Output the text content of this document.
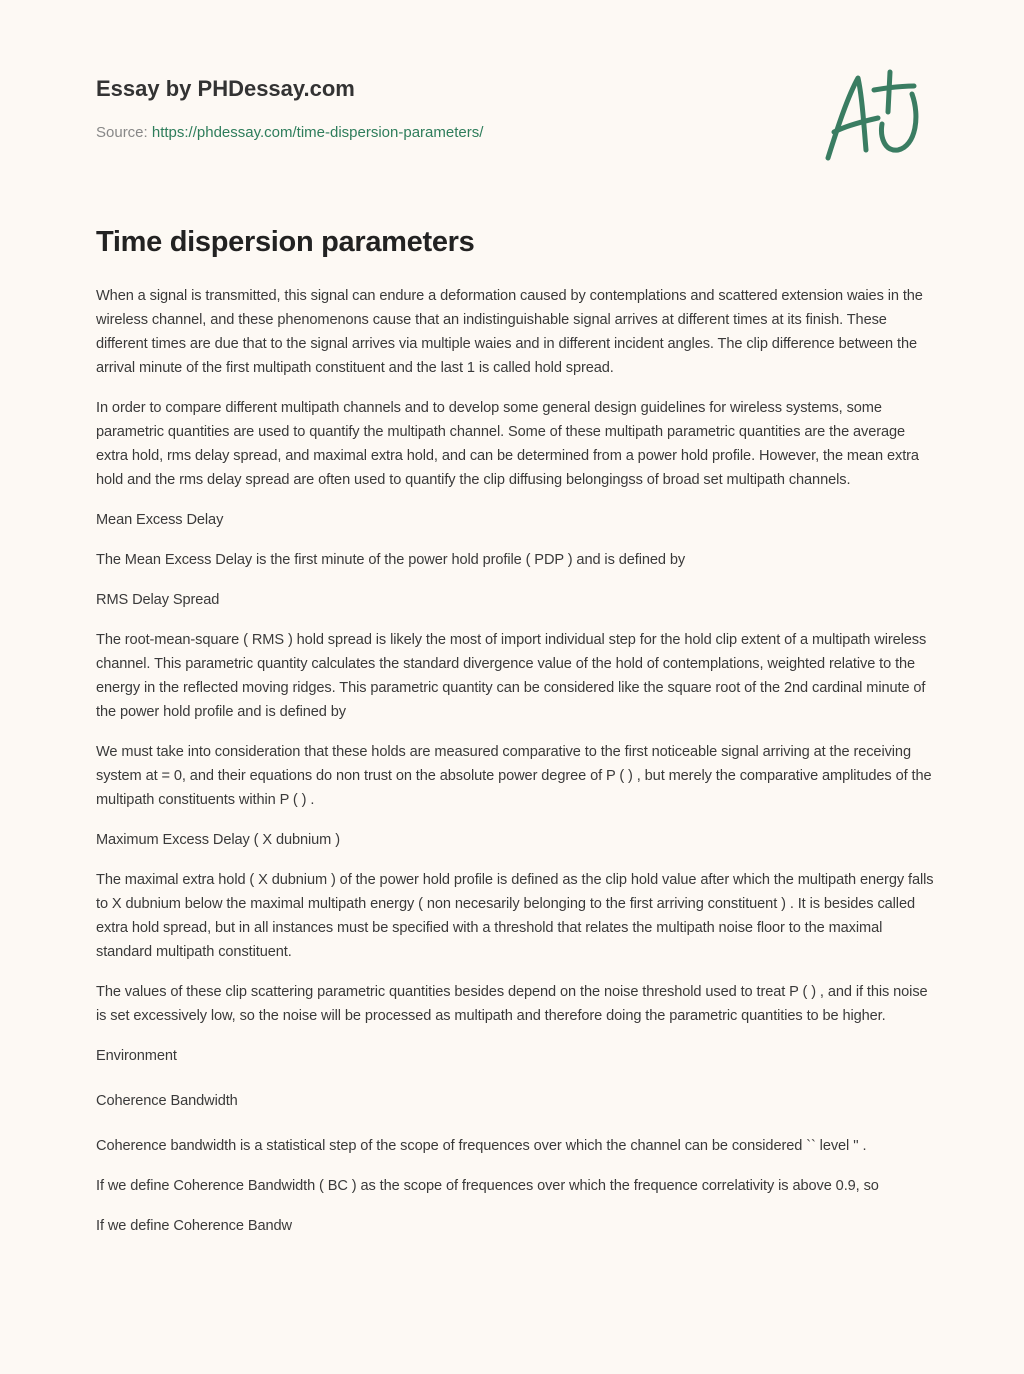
Essay by PHDessay.com
Source: https://phdessay.com/time-dispersion-parameters/
Time dispersion parameters

When a signal is transmitted, this signal can endure a deformation caused by contemplations and scattered extension waies in the wireless channel, and these phenomenons cause that an indistinguishable signal arrives at different times at its finish. These different times are due that to the signal arrives via multiple waies and in different incident angles. The clip difference between the arrival minute of the first multipath constituent and the last 1 is called hold spread.

In order to compare different multipath channels and to develop some general design guidelines for wireless systems, some parametric quantities are used to quantify the multipath channel. Some of these multipath parametric quantities are the average extra hold, rms delay spread, and maximal extra hold, and can be determined from a power hold profile. However, the mean extra hold and the rms delay spread are often used to quantify the clip diffusing belongingss of broad set multipath channels.

Mean Excess Delay

The Mean Excess Delay is the first minute of the power hold profile ( PDP ) and is defined by

RMS Delay Spread

The root-mean-square ( RMS ) hold spread is likely the most of import individual step for the hold clip extent of a multipath wireless channel. This parametric quantity calculates the standard divergence value of the hold of contemplations, weighted relative to the energy in the reflected moving ridges. This parametric quantity can be considered like the square root of the 2nd cardinal minute of the power hold profile and is defined by

We must take into consideration that these holds are measured comparative to the first noticeable signal arriving at the receiving system at = 0, and their equations do non trust on the absolute power degree of P ( ) , but merely the comparative amplitudes of the multipath constituents within P ( ) .

Maximum Excess Delay ( X dubnium )

The maximal extra hold ( X dubnium ) of the power hold profile is defined as the clip hold value after which the multipath energy falls to X dubnium below the maximal multipath energy ( non necesarily belonging to the first arriving constituent ) . It is besides called extra hold spread, but in all instances must be specified with a threshold that relates the multipath noise floor to the maximal standard multipath constituent.

The values of these clip scattering parametric quantities besides depend on the noise threshold used to treat P ( ) , and if this noise is set excessively low, so the noise will be processed as multipath and therefore doing the parametric quantities to be higher.

Environment

Coherence Bandwidth

Coherence bandwidth is a statistical step of the scope of frequences over which the channel can be considered `` level '' .

If we define Coherence Bandwidth ( BC ) as the scope of frequences over which the frequence correlativity is above 0.9, so

If we define Coherence Bandw
